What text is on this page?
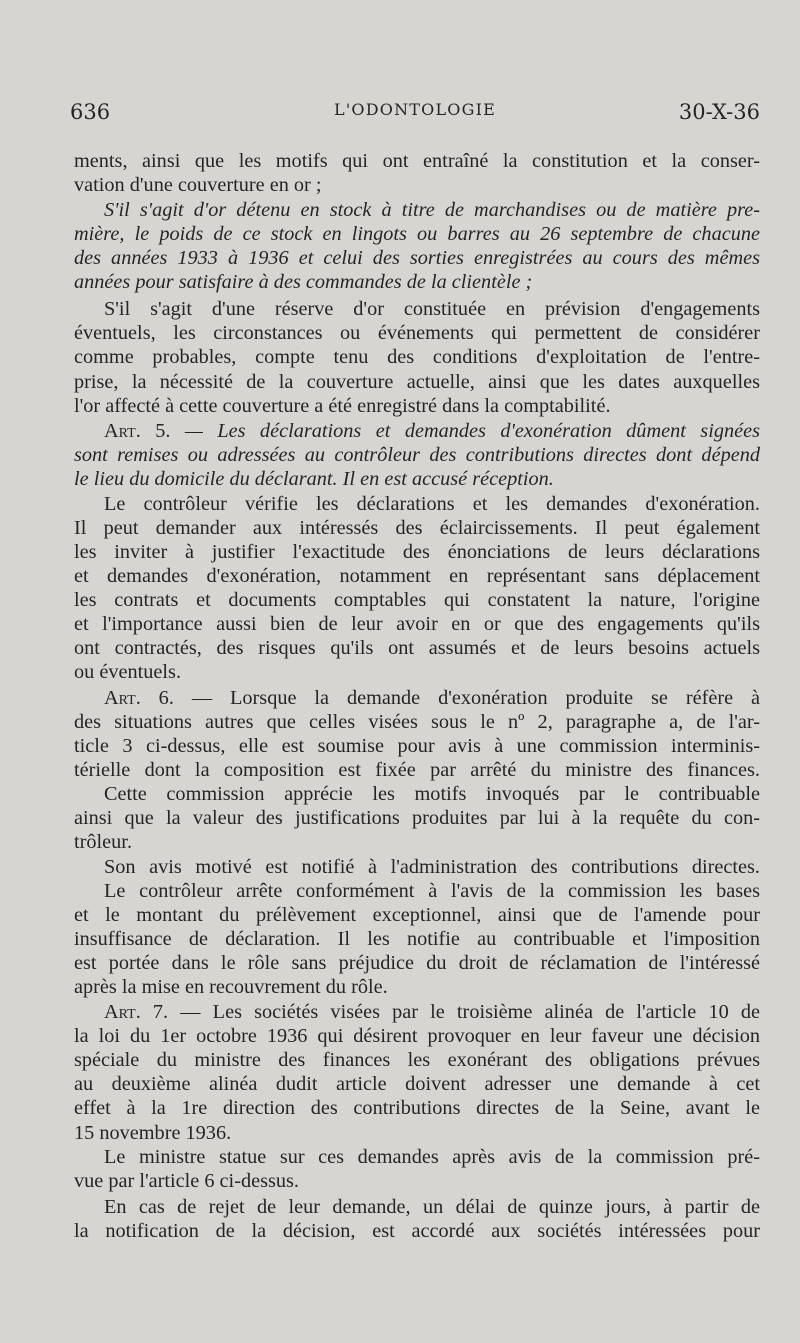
636	L'ODONTOLOGIE	30-X-36
ments, ainsi que les motifs qui ont entraîné la constitution et la conser-
vation d'une couverture en or ;
S'il s'agit d'or détenu en stock à titre de marchandises ou de matière pre-
mière, le poids de ce stock en lingots ou barres au 26 septembre de chacune
des années 1933 à 1936 et celui des sorties enregistrées au cours des mêmes
années pour satisfaire à des commandes de la clientèle ;
S'il s'agit d'une réserve d'or constituée en prévision d'engagements
éventuels, les circonstances ou événements qui permettent de considérer
comme probables, compte tenu des conditions d'exploitation de l'entre-
prise, la nécessité de la couverture actuelle, ainsi que les dates auxquelles
l'or affecté à cette couverture a été enregistré dans la comptabilité.
Art. 5. — Les déclarations et demandes d'exonération dûment signées
sont remises ou adressées au contrôleur des contributions directes dont dépend
le lieu du domicile du déclarant. Il en est accusé réception.
Le contrôleur vérifie les déclarations et les demandes d'exonération.
Il peut demander aux intéressés des éclaircissements. Il peut également
les inviter à justifier l'exactitude des énonciations de leurs déclarations
et demandes d'exonération, notamment en représentant sans déplacement
les contrats et documents comptables qui constatent la nature, l'origine
et l'importance aussi bien de leur avoir en or que des engagements qu'ils
ont contractés, des risques qu'ils ont assumés et de leurs besoins actuels
ou éventuels.
Art. 6. — Lorsque la demande d'exonération produite se réfère à
des situations autres que celles visées sous le nº 2, paragraphe a, de l'ar-
ticle 3 ci-dessus, elle est soumise pour avis à une commission interminis-
térielle dont la composition est fixée par arrêté du ministre des finances.
Cette commission apprécie les motifs invoqués par le contribuable
ainsi que la valeur des justifications produites par lui à la requête du con-
trôleur.
Son avis motivé est notifié à l'administration des contributions directes.
Le contrôleur arrête conformément à l'avis de la commission les bases
et le montant du prélèvement exceptionnel, ainsi que de l'amende pour
insuffisance de déclaration. Il les notifie au contribuable et l'imposition
est portée dans le rôle sans préjudice du droit de réclamation de l'intéressé
après la mise en recouvrement du rôle.
Art. 7. — Les sociétés visées par le troisième alinéa de l'article 10 de
la loi du 1er octobre 1936 qui désirent provoquer en leur faveur une décision
spéciale du ministre des finances les exonérant des obligations prévues
au deuxième alinéa dudit article doivent adresser une demande à cet
effet à la 1re direction des contributions directes de la Seine, avant le
15 novembre 1936.
Le ministre statue sur ces demandes après avis de la commission pré-
vue par l'article 6 ci-dessus.
En cas de rejet de leur demande, un délai de quinze jours, à partir de
la notification de la décision, est accordé aux sociétés intéressées pour
